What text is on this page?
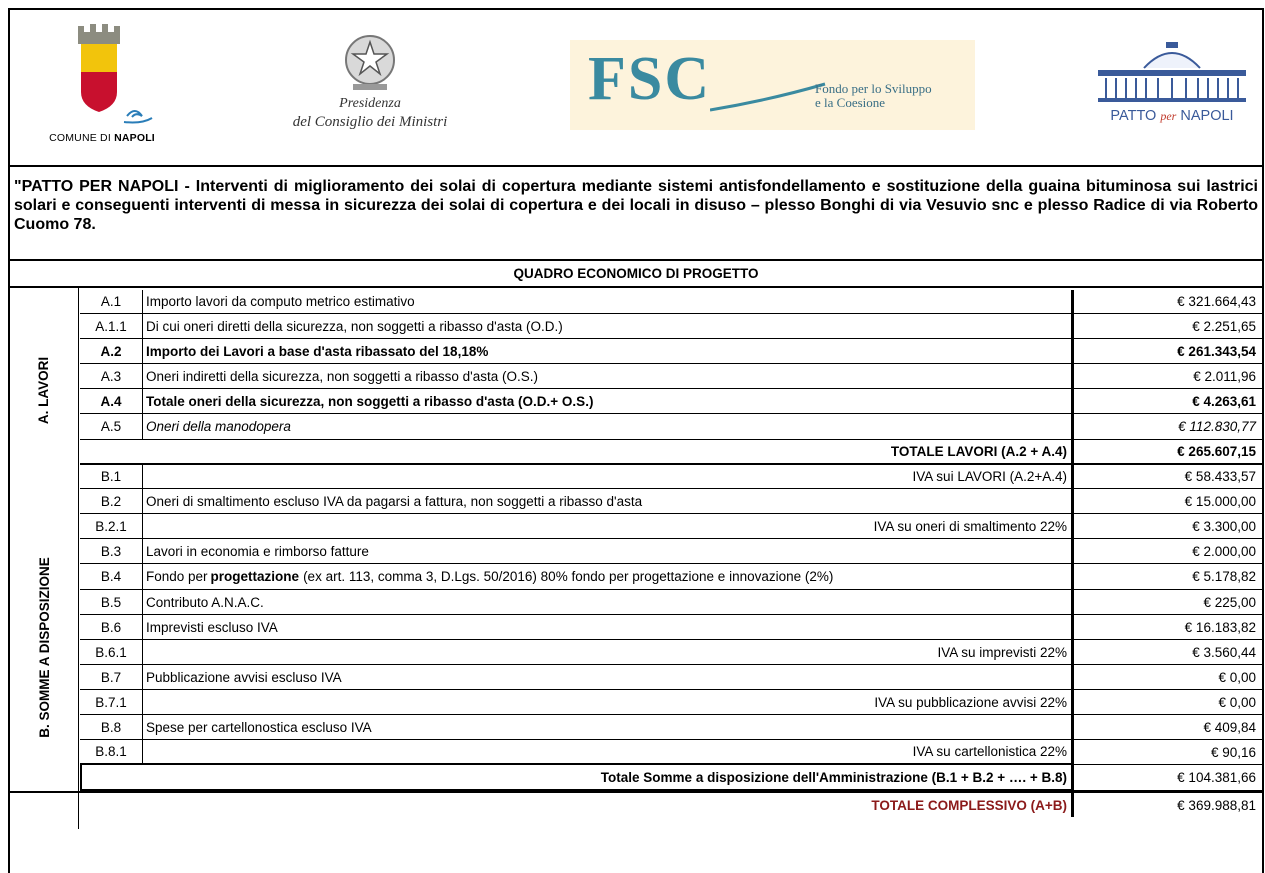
COMUNE DI NAPOLI
Presidenza
del Consiglio dei Ministri
FSC	Fondo per lo Sviluppo
e la Coesione
PATTO per NAPOLI
"PATTO PER NAPOLI - Interventi di miglioramento dei solai di copertura mediante sistemi antisfondellamento e sostituzione della guaina bituminosa sui lastrici solari e conseguenti interventi di messa in sicurezza dei solai di copertura e dei locali in disuso – plesso Bonghi di via Vesuvio snc e plesso Radice di via Roberto Cuomo 78.
QUADRO ECONOMICO DI PROGETTO
A. LAVORI
A.1	Importo lavori da computo metrico estimativo	€ 321.664,43
A.1.1	Di cui oneri diretti della sicurezza, non soggetti a ribasso d'asta (O.D.)	€ 2.251,65
A.2	Importo dei Lavori a base d'asta ribassato del 18,18%	€ 261.343,54
A.3	Oneri indiretti della sicurezza, non soggetti a ribasso d'asta (O.S.)	€ 2.011,96
A.4	Totale oneri della sicurezza, non soggetti a ribasso d'asta (O.D.+ O.S.)	€ 4.263,61
A.5	Oneri della manodopera	€ 112.830,77
TOTALE LAVORI (A.2 + A.4)	€ 265.607,15
B. SOMME A DISPOSIZIONE
B.1	IVA sui LAVORI (A.2+A.4)	€ 58.433,57
B.2	Oneri di smaltimento escluso IVA da pagarsi a fattura, non soggetti a ribasso d'asta	€ 15.000,00
B.2.1	IVA su oneri di smaltimento 22%	€ 3.300,00
B.3	Lavori in economia e rimborso fatture	€ 2.000,00
B.4	Fondo per progettazione (ex art. 113, comma 3, D.Lgs. 50/2016) 80% fondo per progettazione e innovazione (2%)	€ 5.178,82
B.5	Contributo A.N.A.C.	€ 225,00
B.6	Imprevisti escluso IVA	€ 16.183,82
B.6.1	IVA su imprevisti 22%	€ 3.560,44
B.7	Pubblicazione avvisi escluso IVA	€ 0,00
B.7.1	IVA su pubblicazione avvisi 22%	€ 0,00
B.8	Spese per cartellonostica escluso IVA	€ 409,84
B.8.1	IVA su cartellonistica 22%	€ 90,16
Totale Somme a disposizione dell'Amministrazione (B.1 + B.2 + …. + B.8)	€ 104.381,66
TOTALE COMPLESSIVO (A+B)	€ 369.988,81
